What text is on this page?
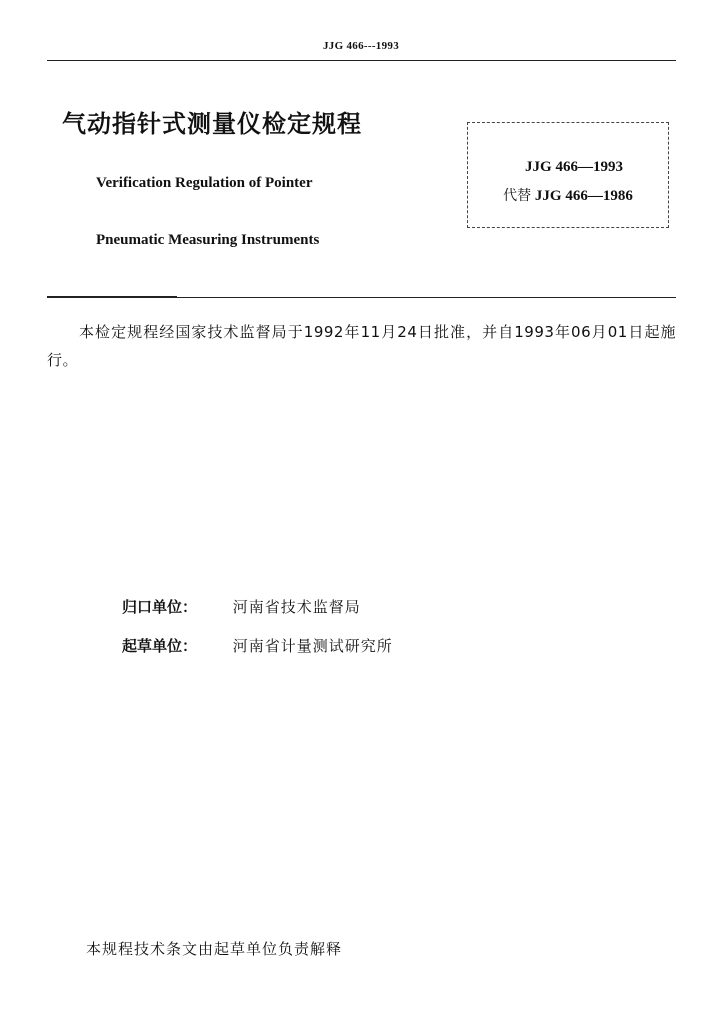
JJG 466---1993
气动指针式测量仪检定规程
Verification Regulation of Pointer
Pneumatic Measuring Instruments
JJG 466—1993
代替 JJG 466—1986
本检定规程经国家技术监督局于1992年11月24日批准，并自1993年06月01日起施行。
归口单位： 河南省技术监督局
起草单位： 河南省计量测试研究所
本规程技术条文由起草单位负责解释
